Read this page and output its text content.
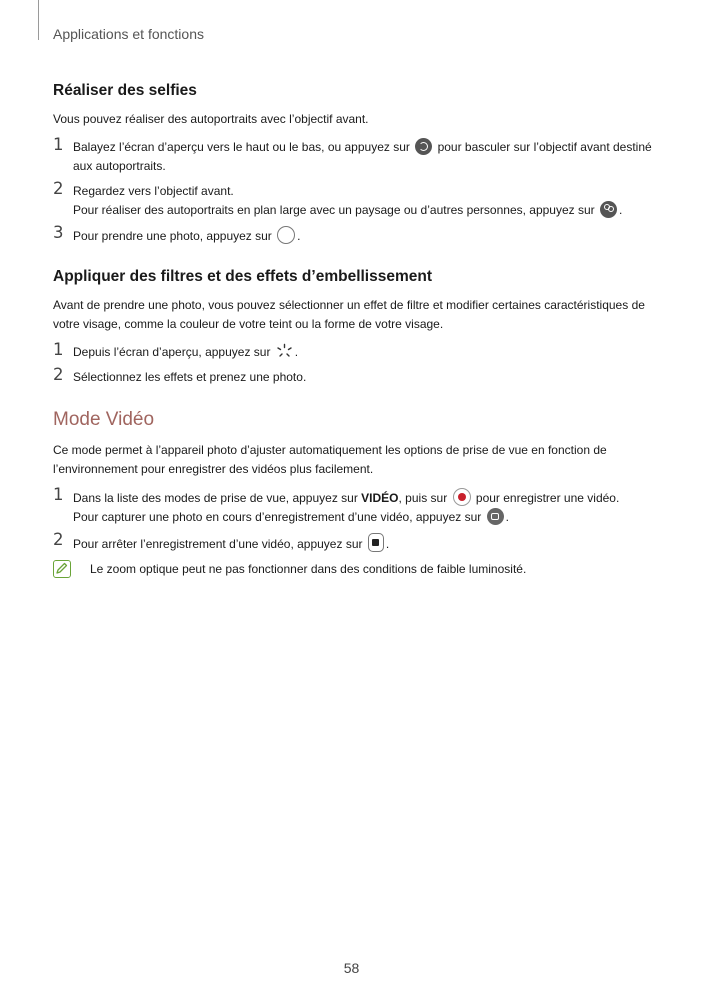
Applications et fonctions
Réaliser des selfies

Vous pouvez réaliser des autoportraits avec l’objectif avant.

1 Balayez l’écran d’aperçu vers le haut ou le bas, ou appuyez sur pour basculer sur l’objectif avant destiné aux autoportraits.
2 Regardez vers l’objectif avant.
Pour réaliser des autoportraits en plan large avec un paysage ou d’autres personnes, appuyez sur .
3 Pour prendre une photo, appuyez sur .
Appliquer des filtres et des effets d’embellissement

Avant de prendre une photo, vous pouvez sélectionner un effet de filtre et modifier certaines caractéristiques de votre visage, comme la couleur de votre teint ou la forme de votre visage.

1 Depuis l’écran d’aperçu, appuyez sur .
2 Sélectionnez les effets et prenez une photo.
Mode Vidéo

Ce mode permet à l’appareil photo d’ajuster automatiquement les options de prise de vue en fonction de l’environnement pour enregistrer des vidéos plus facilement.

1 Dans la liste des modes de prise de vue, appuyez sur VIDÉO, puis sur pour enregistrer une vidéo.
Pour capturer une photo en cours d’enregistrement d’une vidéo, appuyez sur .
2 Pour arrêter l’enregistrement d’une vidéo, appuyez sur .
Le zoom optique peut ne pas fonctionner dans des conditions de faible luminosité.
58
